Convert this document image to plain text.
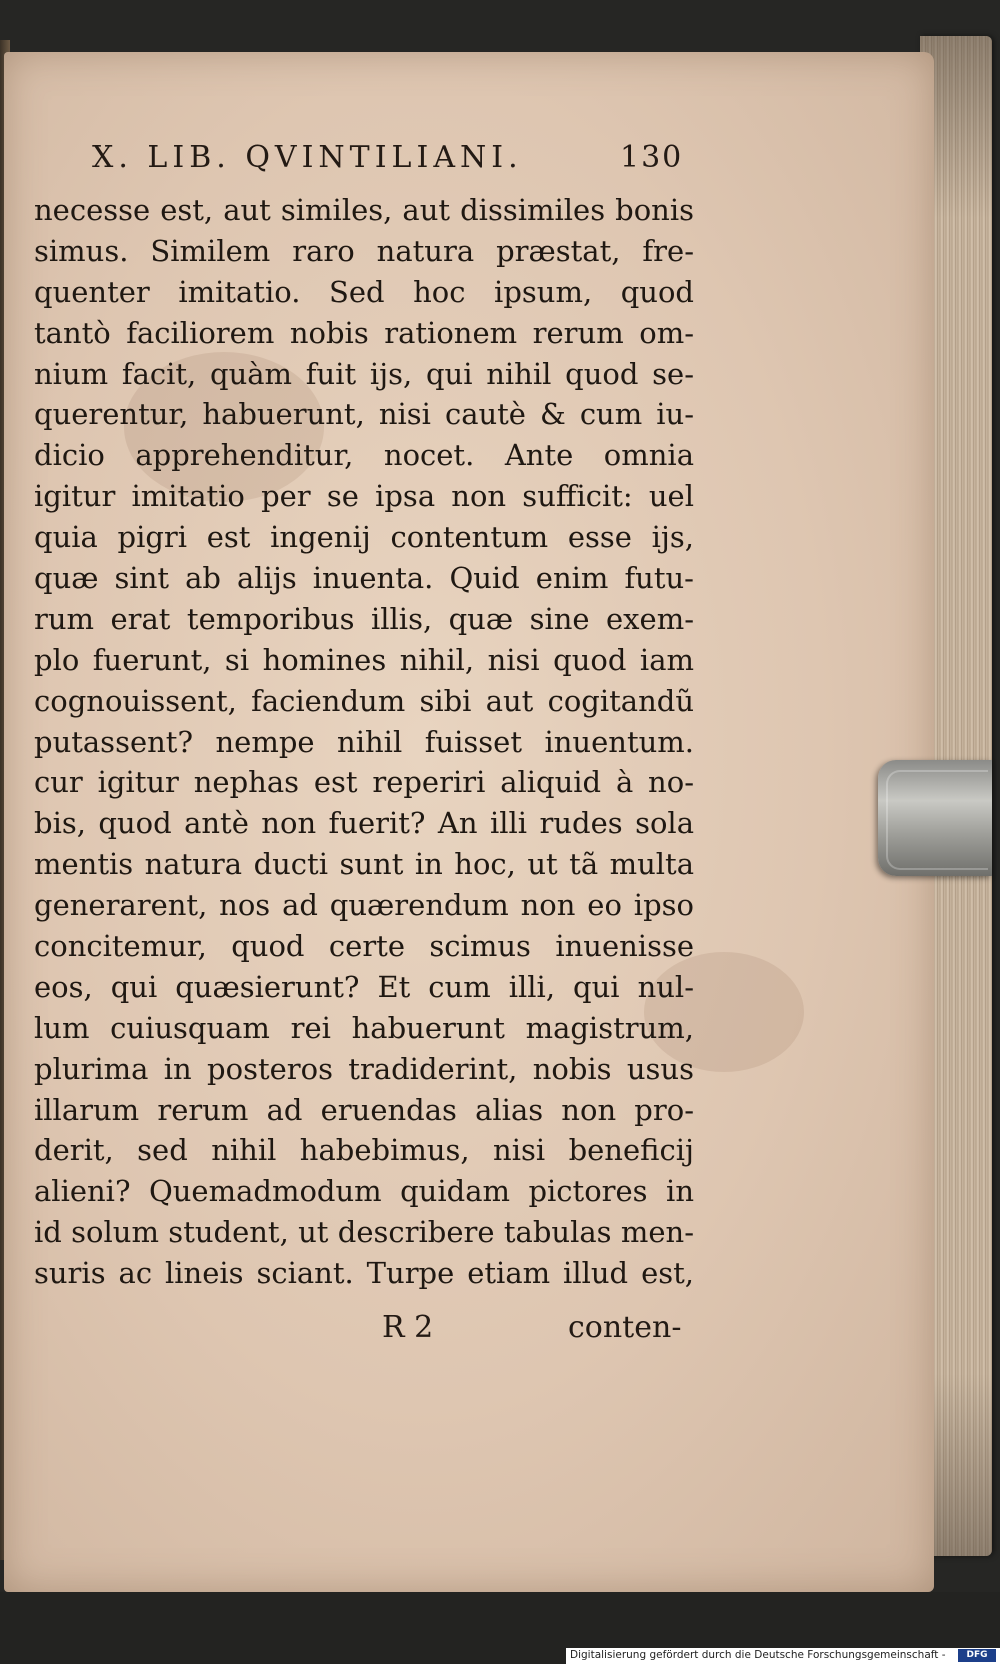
X. LIB. QVINTILIANI.	130
necesse est, aut similes, aut dissimiles bonis
simus. Similem raro natura præstat, fre-
quenter imitatio. Sed hoc ipsum, quod
tantò faciliorem nobis rationem rerum om-
nium facit, quàm fuit ijs, qui nihil quod se-
querentur, habuerunt, nisi cautè & cum iu-
dicio apprehenditur, nocet. Ante omnia
igitur imitatio per se ipsa non sufficit: uel
quia pigri est ingenij contentum esse ijs,
quæ sint ab alijs inuenta. Quid enim futu-
rum erat temporibus illis, quæ sine exem-
plo fuerunt, si homines nihil, nisi quod iam
cognouissent, faciendum sibi aut cogitandũ
putassent? nempe nihil fuisset inuentum.
cur igitur nephas est reperiri aliquid à no-
bis, quod antè non fuerit? An illi rudes sola
mentis natura ducti sunt in hoc, ut tã multa
generarent, nos ad quærendum non eo ipso
concitemur, quod certe scimus inuenisse
eos, qui quæsierunt? Et cum illi, qui nul-
lum cuiusquam rei habuerunt magistrum,
plurima in posteros tradiderint, nobis usus
illarum rerum ad eruendas alias non pro-
derit, sed nihil habebimus, nisi beneficij
alieni? Quemadmodum quidam pictores in
id solum student, ut describere tabulas men-
suris ac lineis sciant. Turpe etiam illud est,
R 2	conten-
Digitalisierung gefördert durch die Deutsche Forschungsgemeinschaft -	DFG
